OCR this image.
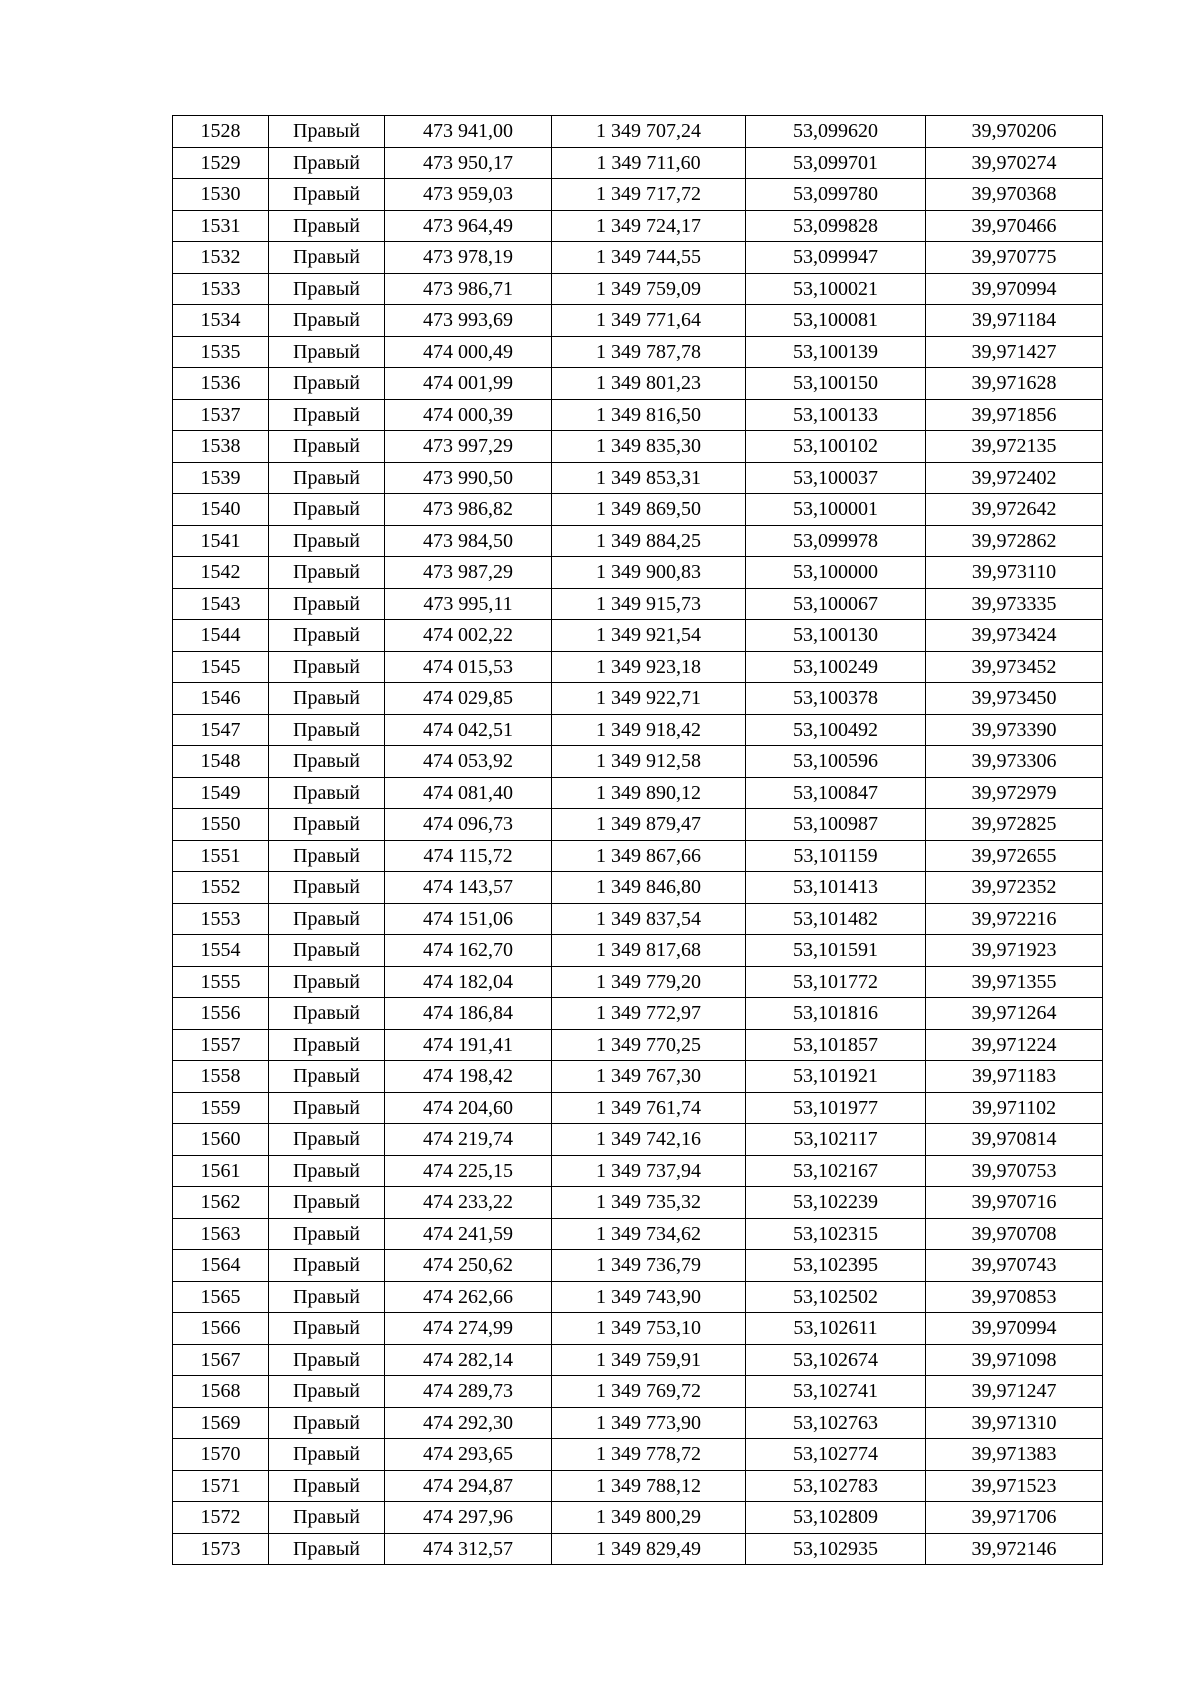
1528	Правый	473 941,00	1 349 707,24	53,099620	39,970206
1529	Правый	473 950,17	1 349 711,60	53,099701	39,970274
1530	Правый	473 959,03	1 349 717,72	53,099780	39,970368
1531	Правый	473 964,49	1 349 724,17	53,099828	39,970466
1532	Правый	473 978,19	1 349 744,55	53,099947	39,970775
1533	Правый	473 986,71	1 349 759,09	53,100021	39,970994
1534	Правый	473 993,69	1 349 771,64	53,100081	39,971184
1535	Правый	474 000,49	1 349 787,78	53,100139	39,971427
1536	Правый	474 001,99	1 349 801,23	53,100150	39,971628
1537	Правый	474 000,39	1 349 816,50	53,100133	39,971856
1538	Правый	473 997,29	1 349 835,30	53,100102	39,972135
1539	Правый	473 990,50	1 349 853,31	53,100037	39,972402
1540	Правый	473 986,82	1 349 869,50	53,100001	39,972642
1541	Правый	473 984,50	1 349 884,25	53,099978	39,972862
1542	Правый	473 987,29	1 349 900,83	53,100000	39,973110
1543	Правый	473 995,11	1 349 915,73	53,100067	39,973335
1544	Правый	474 002,22	1 349 921,54	53,100130	39,973424
1545	Правый	474 015,53	1 349 923,18	53,100249	39,973452
1546	Правый	474 029,85	1 349 922,71	53,100378	39,973450
1547	Правый	474 042,51	1 349 918,42	53,100492	39,973390
1548	Правый	474 053,92	1 349 912,58	53,100596	39,973306
1549	Правый	474 081,40	1 349 890,12	53,100847	39,972979
1550	Правый	474 096,73	1 349 879,47	53,100987	39,972825
1551	Правый	474 115,72	1 349 867,66	53,101159	39,972655
1552	Правый	474 143,57	1 349 846,80	53,101413	39,972352
1553	Правый	474 151,06	1 349 837,54	53,101482	39,972216
1554	Правый	474 162,70	1 349 817,68	53,101591	39,971923
1555	Правый	474 182,04	1 349 779,20	53,101772	39,971355
1556	Правый	474 186,84	1 349 772,97	53,101816	39,971264
1557	Правый	474 191,41	1 349 770,25	53,101857	39,971224
1558	Правый	474 198,42	1 349 767,30	53,101921	39,971183
1559	Правый	474 204,60	1 349 761,74	53,101977	39,971102
1560	Правый	474 219,74	1 349 742,16	53,102117	39,970814
1561	Правый	474 225,15	1 349 737,94	53,102167	39,970753
1562	Правый	474 233,22	1 349 735,32	53,102239	39,970716
1563	Правый	474 241,59	1 349 734,62	53,102315	39,970708
1564	Правый	474 250,62	1 349 736,79	53,102395	39,970743
1565	Правый	474 262,66	1 349 743,90	53,102502	39,970853
1566	Правый	474 274,99	1 349 753,10	53,102611	39,970994
1567	Правый	474 282,14	1 349 759,91	53,102674	39,971098
1568	Правый	474 289,73	1 349 769,72	53,102741	39,971247
1569	Правый	474 292,30	1 349 773,90	53,102763	39,971310
1570	Правый	474 293,65	1 349 778,72	53,102774	39,971383
1571	Правый	474 294,87	1 349 788,12	53,102783	39,971523
1572	Правый	474 297,96	1 349 800,29	53,102809	39,971706
1573	Правый	474 312,57	1 349 829,49	53,102935	39,972146
